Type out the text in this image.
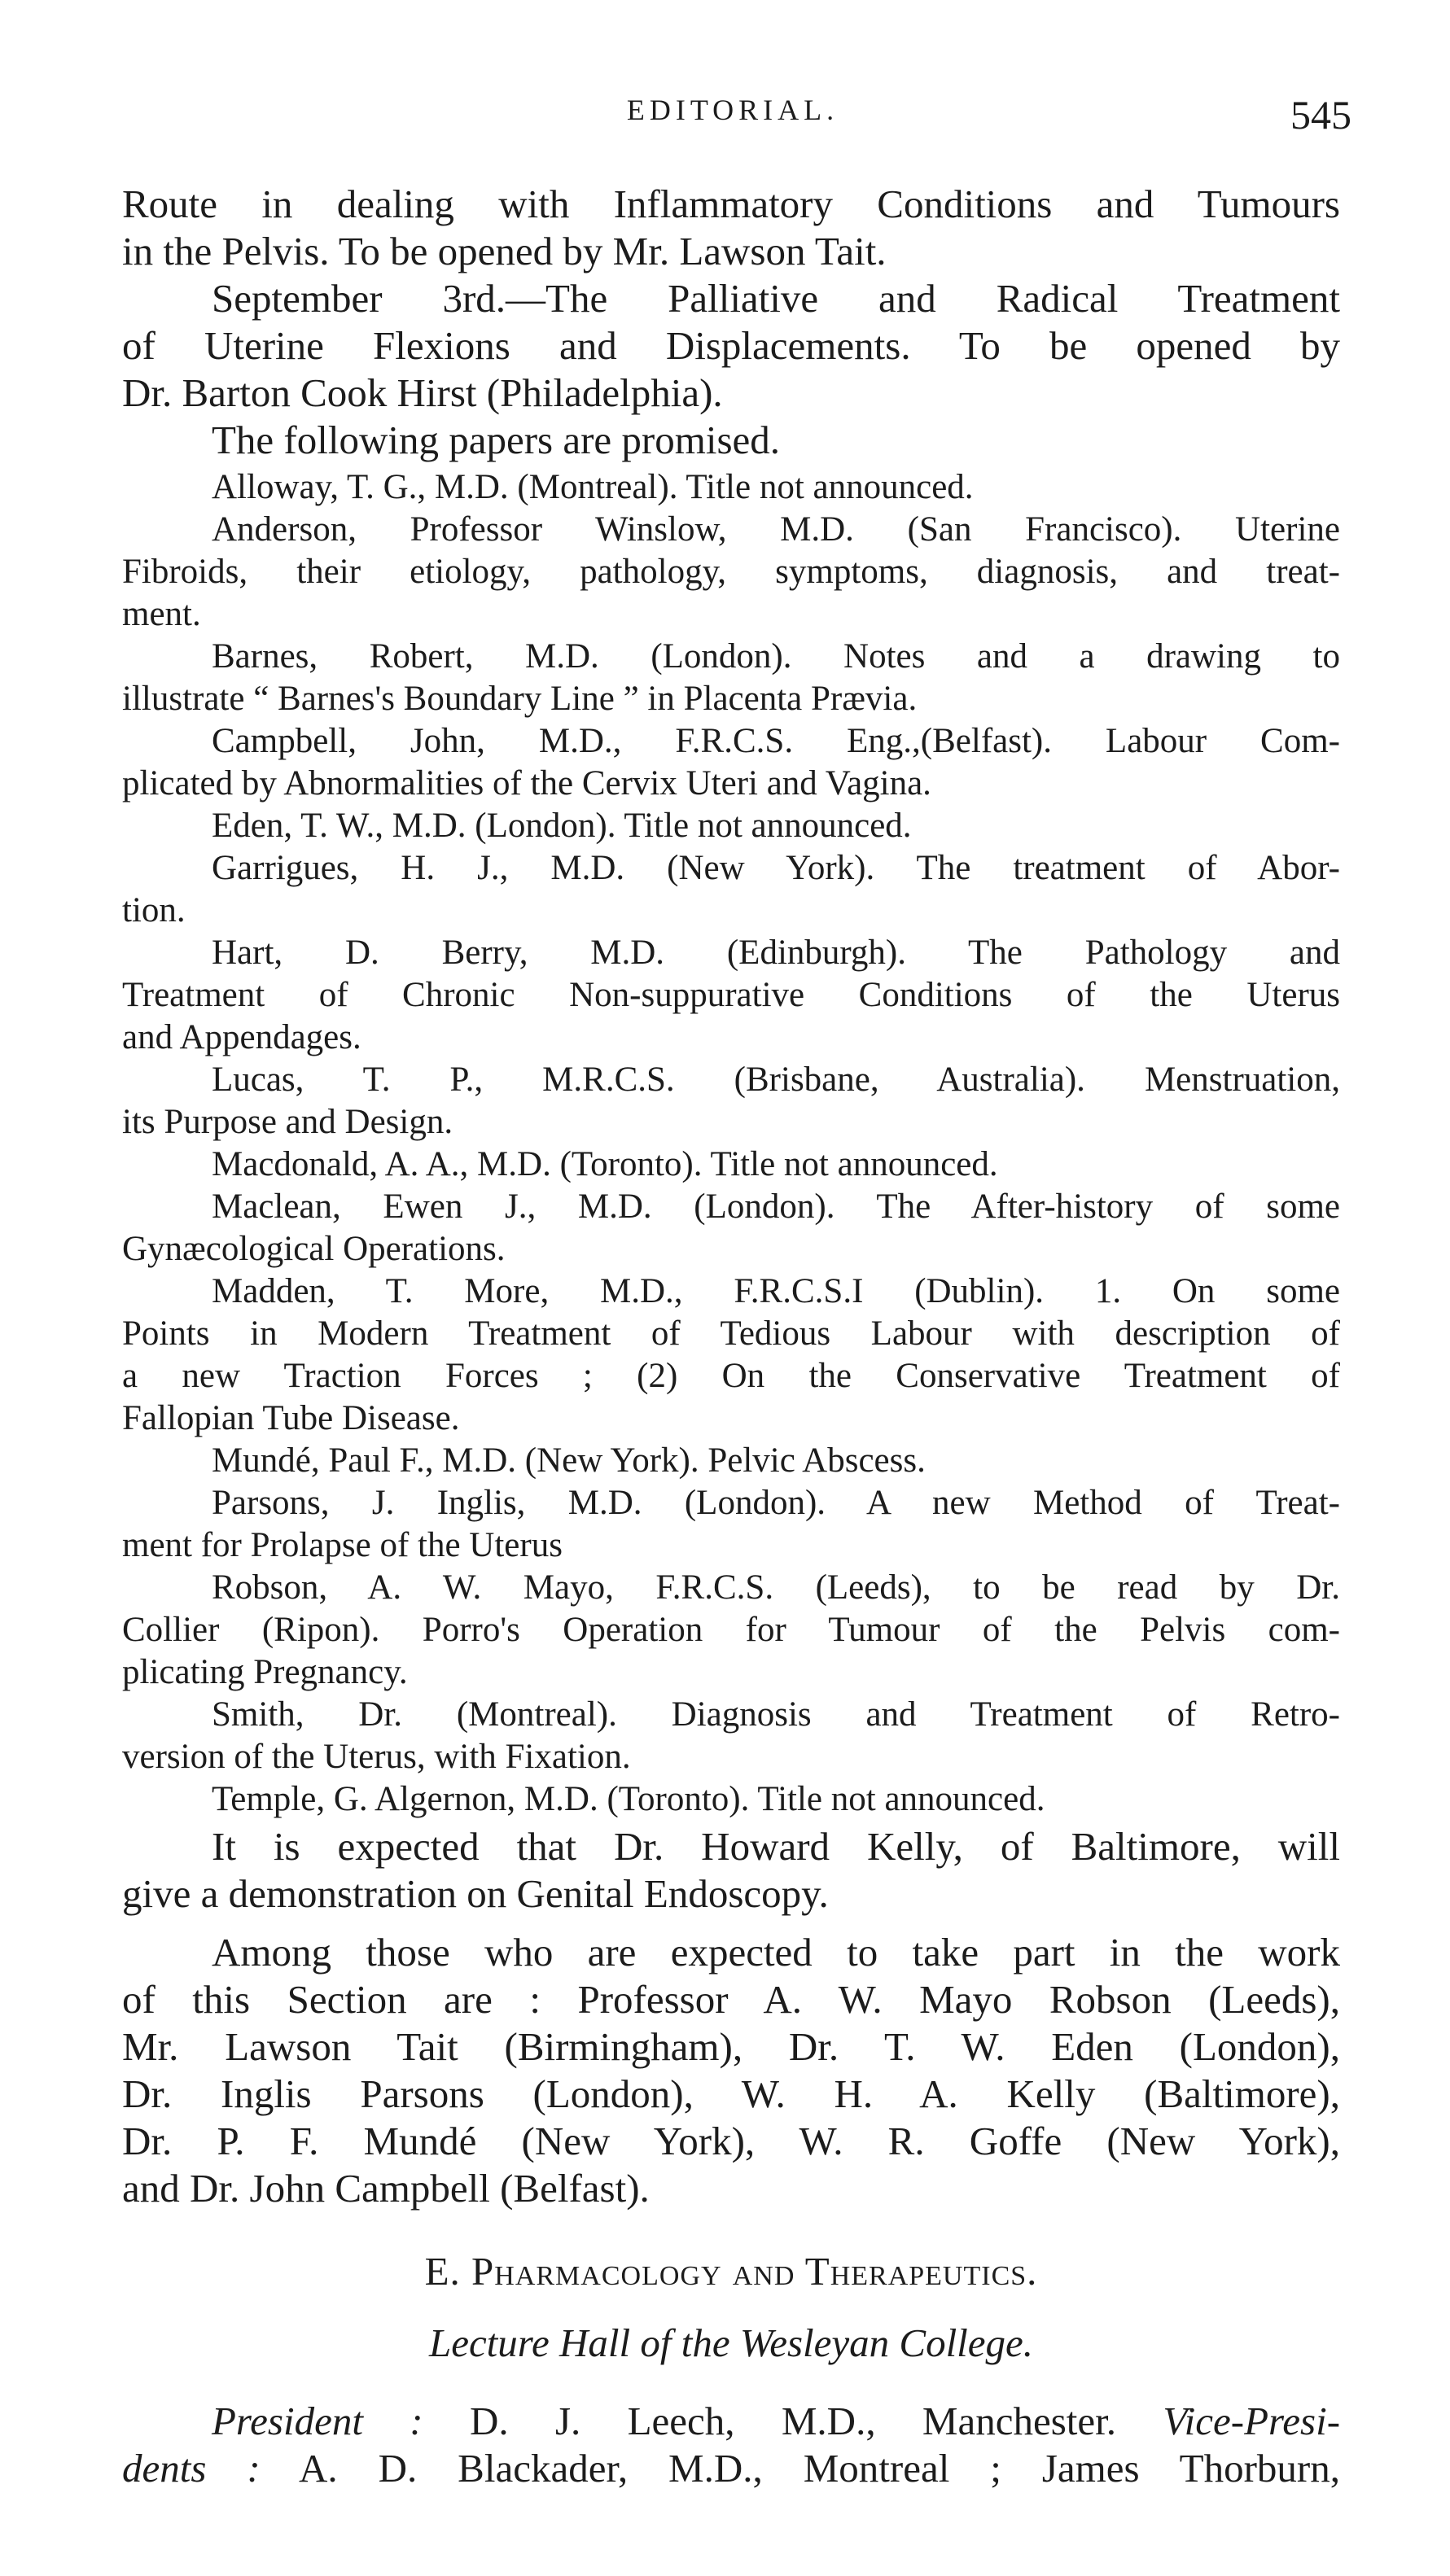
EDITORIAL.	545
Route in dealing with Inflammatory Conditions and Tumours
in the Pelvis. To be opened by Mr. Lawson Tait.
September 3rd.—The Palliative and Radical Treatment
of Uterine Flexions and Displacements. To be opened by
Dr. Barton Cook Hirst (Philadelphia).
The following papers are promised.
Alloway, T. G., M.D. (Montreal). Title not announced.
Anderson, Professor Winslow, M.D. (San Francisco). Uterine
Fibroids, their etiology, pathology, symptoms, diagnosis, and treat-
ment.
Barnes, Robert, M.D. (London). Notes and a drawing to
illustrate “ Barnes's Boundary Line ” in Placenta Prævia.
Campbell, John, M.D., F.R.C.S. Eng.,(Belfast). Labour Com-
plicated by Abnormalities of the Cervix Uteri and Vagina.
Eden, T. W., M.D. (London). Title not announced.
Garrigues, H. J., M.D. (New York). The treatment of Abor-
tion.
Hart, D. Berry, M.D. (Edinburgh). The Pathology and
Treatment of Chronic Non-suppurative Conditions of the Uterus
and Appendages.
Lucas, T. P., M.R.C.S. (Brisbane, Australia). Menstruation,
its Purpose and Design.
Macdonald, A. A., M.D. (Toronto). Title not announced.
Maclean, Ewen J., M.D. (London). The After-history of some
Gynæcological Operations.
Madden, T. More, M.D., F.R.C.S.I (Dublin). 1. On some
Points in Modern Treatment of Tedious Labour with description of
a new Traction Forces ; (2) On the Conservative Treatment of
Fallopian Tube Disease.
Mundé, Paul F., M.D. (New York). Pelvic Abscess.
Parsons, J. Inglis, M.D. (London). A new Method of Treat-
ment for Prolapse of the Uterus
Robson, A. W. Mayo, F.R.C.S. (Leeds), to be read by Dr.
Collier (Ripon). Porro's Operation for Tumour of the Pelvis com-
plicating Pregnancy.
Smith, Dr. (Montreal). Diagnosis and Treatment of Retro-
version of the Uterus, with Fixation.
Temple, G. Algernon, M.D. (Toronto). Title not announced.
It is expected that Dr. Howard Kelly, of Baltimore, will
give a demonstration on Genital Endoscopy.
Among those who are expected to take part in the work
of this Section are : Professor A. W. Mayo Robson (Leeds),
Mr. Lawson Tait (Birmingham), Dr. T. W. Eden (London),
Dr. Inglis Parsons (London), W. H. A. Kelly (Baltimore),
Dr. P. F. Mundé (New York), W. R. Goffe (New York),
and Dr. John Campbell (Belfast).
E. Pharmacology and Therapeutics.
Lecture Hall of the Wesleyan College.
President : D. J. Leech, M.D., Manchester. Vice-Presi-
dents : A. D. Blackader, M.D., Montreal ; James Thorburn,
